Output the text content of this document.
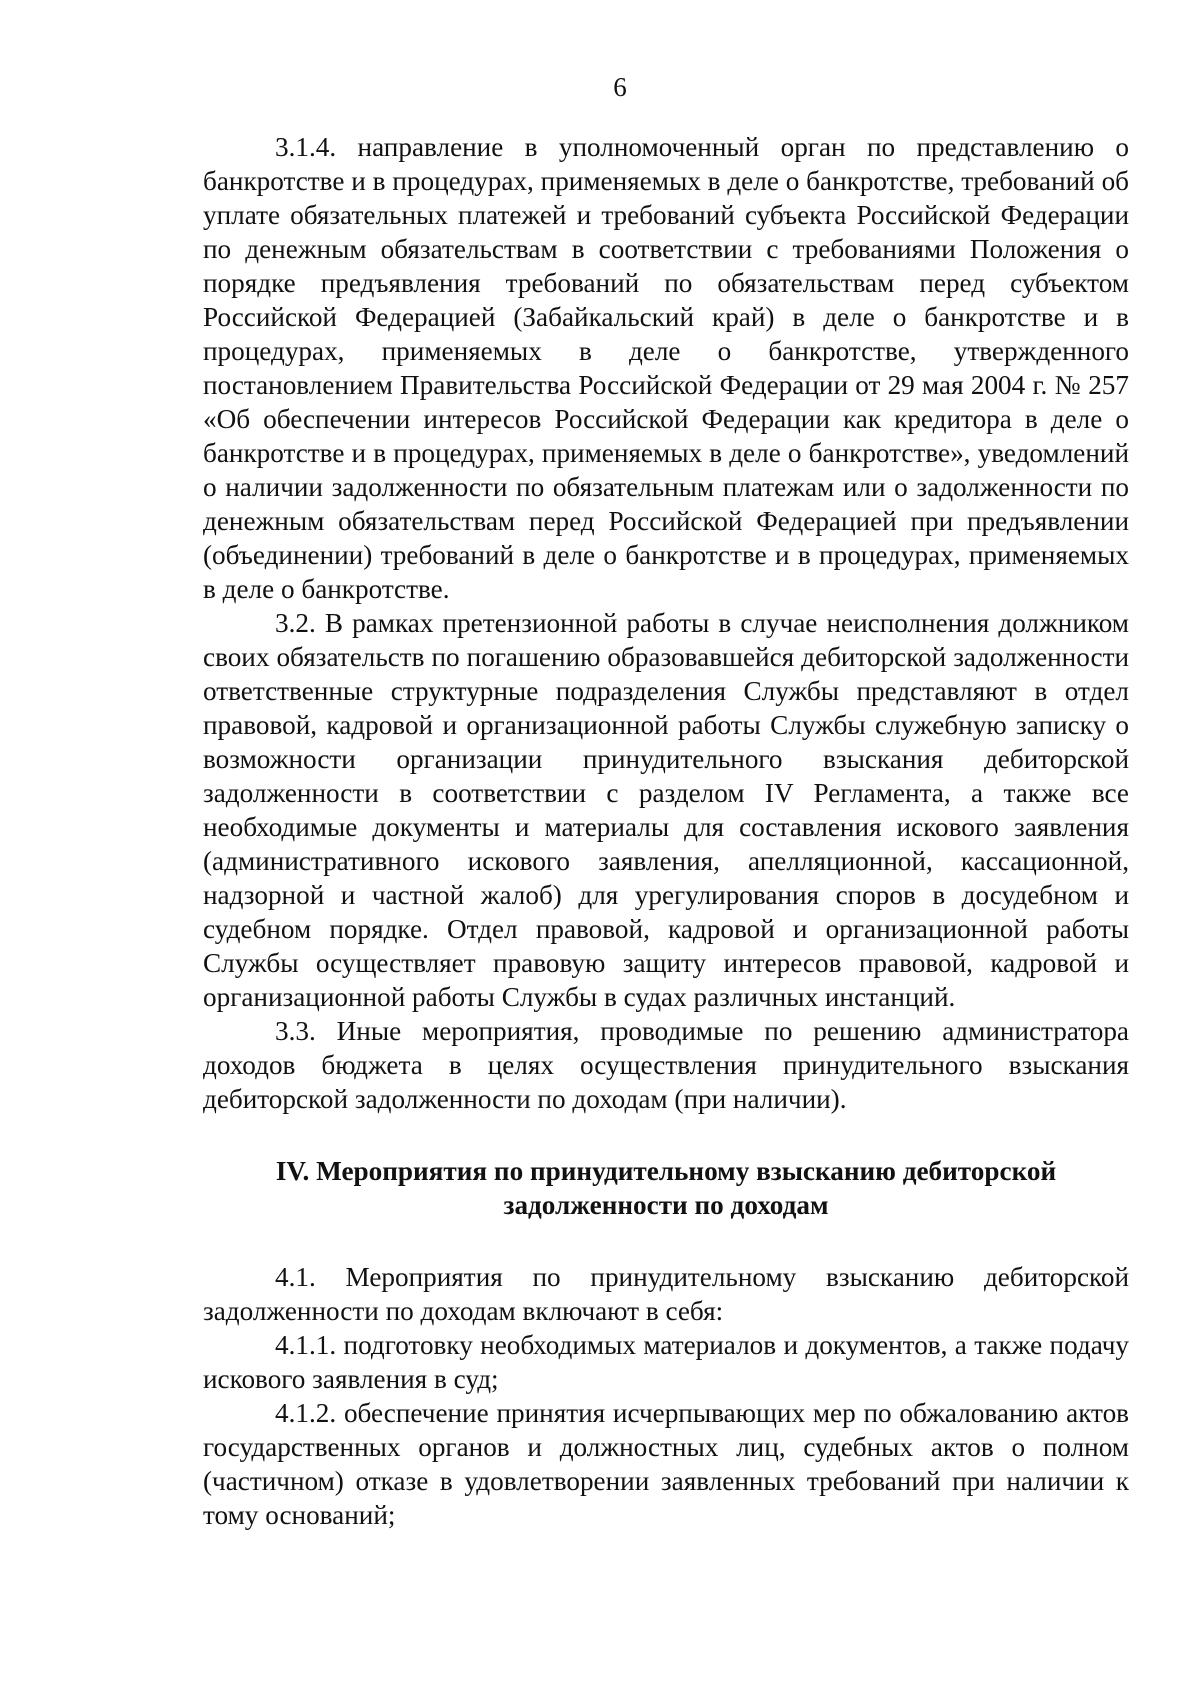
6

3.1.4. направление в уполномоченный орган по представлению о банкротстве и в процедурах, применяемых в деле о банкротстве, требований об уплате обязательных платежей и требований субъекта Российской Федерации по денежным обязательствам в соответствии с требованиями Положения о порядке предъявления требований по обязательствам перед субъектом Российской Федерацией (Забайкальский край) в деле о банкротстве и в процедурах, применяемых в деле о банкротстве, утвержденного постановлением Правительства Российской Федерации от 29 мая 2004 г. № 257 «Об обеспечении интересов Российской Федерации как кредитора в деле о банкротстве и в процедурах, применяемых в деле о банкротстве», уведомлений о наличии задолженности по обязательным платежам или о задолженности по денежным обязательствам перед Российской Федерацией при предъявлении (объединении) требований в деле о банкротстве и в процедурах, применяемых в деле о банкротстве.

3.2. В рамках претензионной работы в случае неисполнения должником своих обязательств по погашению образовавшейся дебиторской задолженности ответственные структурные подразделения Службы представляют в отдел правовой, кадровой и организационной работы Службы служебную записку о возможности организации принудительного взыскания дебиторской задолженности в соответствии с разделом IV Регламента, а также все необходимые документы и материалы для составления искового заявления (административного искового заявления, апелляционной, кассационной, надзорной и частной жалоб) для урегулирования споров в досудебном и судебном порядке. Отдел правовой, кадровой и организационной работы Службы осуществляет правовую защиту интересов правовой, кадровой и организационной работы Службы в судах различных инстанций.

3.3. Иные мероприятия, проводимые по решению администратора доходов бюджета в целях осуществления принудительного взыскания дебиторской задолженности по доходам (при наличии).

IV. Мероприятия по принудительному взысканию дебиторской задолженности по доходам

4.1. Мероприятия по принудительному взысканию дебиторской задолженности по доходам включают в себя:

4.1.1. подготовку необходимых материалов и документов, а также подачу искового заявления в суд;

4.1.2. обеспечение принятия исчерпывающих мер по обжалованию актов государственных органов и должностных лиц, судебных актов о полном (частичном) отказе в удовлетворении заявленных требований при наличии к тому оснований;
